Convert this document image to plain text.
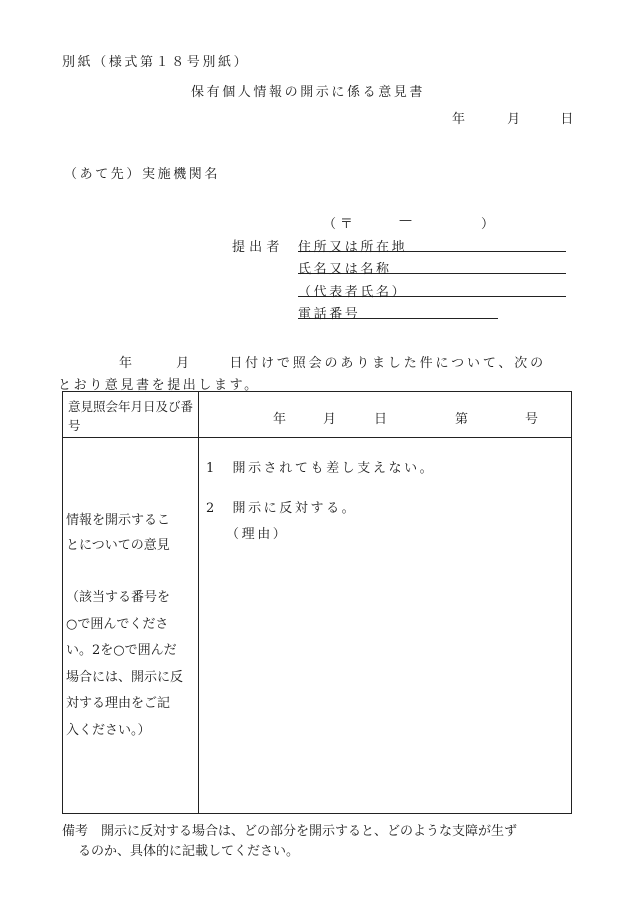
別紙（様式第１８号別紙）
保有個人情報の開示に係る意見書
年	月	日
（あて先）実施機関名
（〒	—	）
提出者 住所又は所在地
氏名又は名称
（代表者氏名）
電話番号
年	月	日付けで照会のありました件について、次の
とおり意見書を提出します。
意見照会年月日及び番号	年	月	日	第	号
情報を開示するこ
とについての意見
（該当する番号を
○で囲んでくださ
い。2を○で囲んだ
場合には、開示に反
対する理由をご記
入ください。）
1　開示されても差し支えない。
2　開示に反対する。
（理由）
備考　開示に反対する場合は、どの部分を開示すると、どのような支障が生ず
るのか、具体的に記載してください。
